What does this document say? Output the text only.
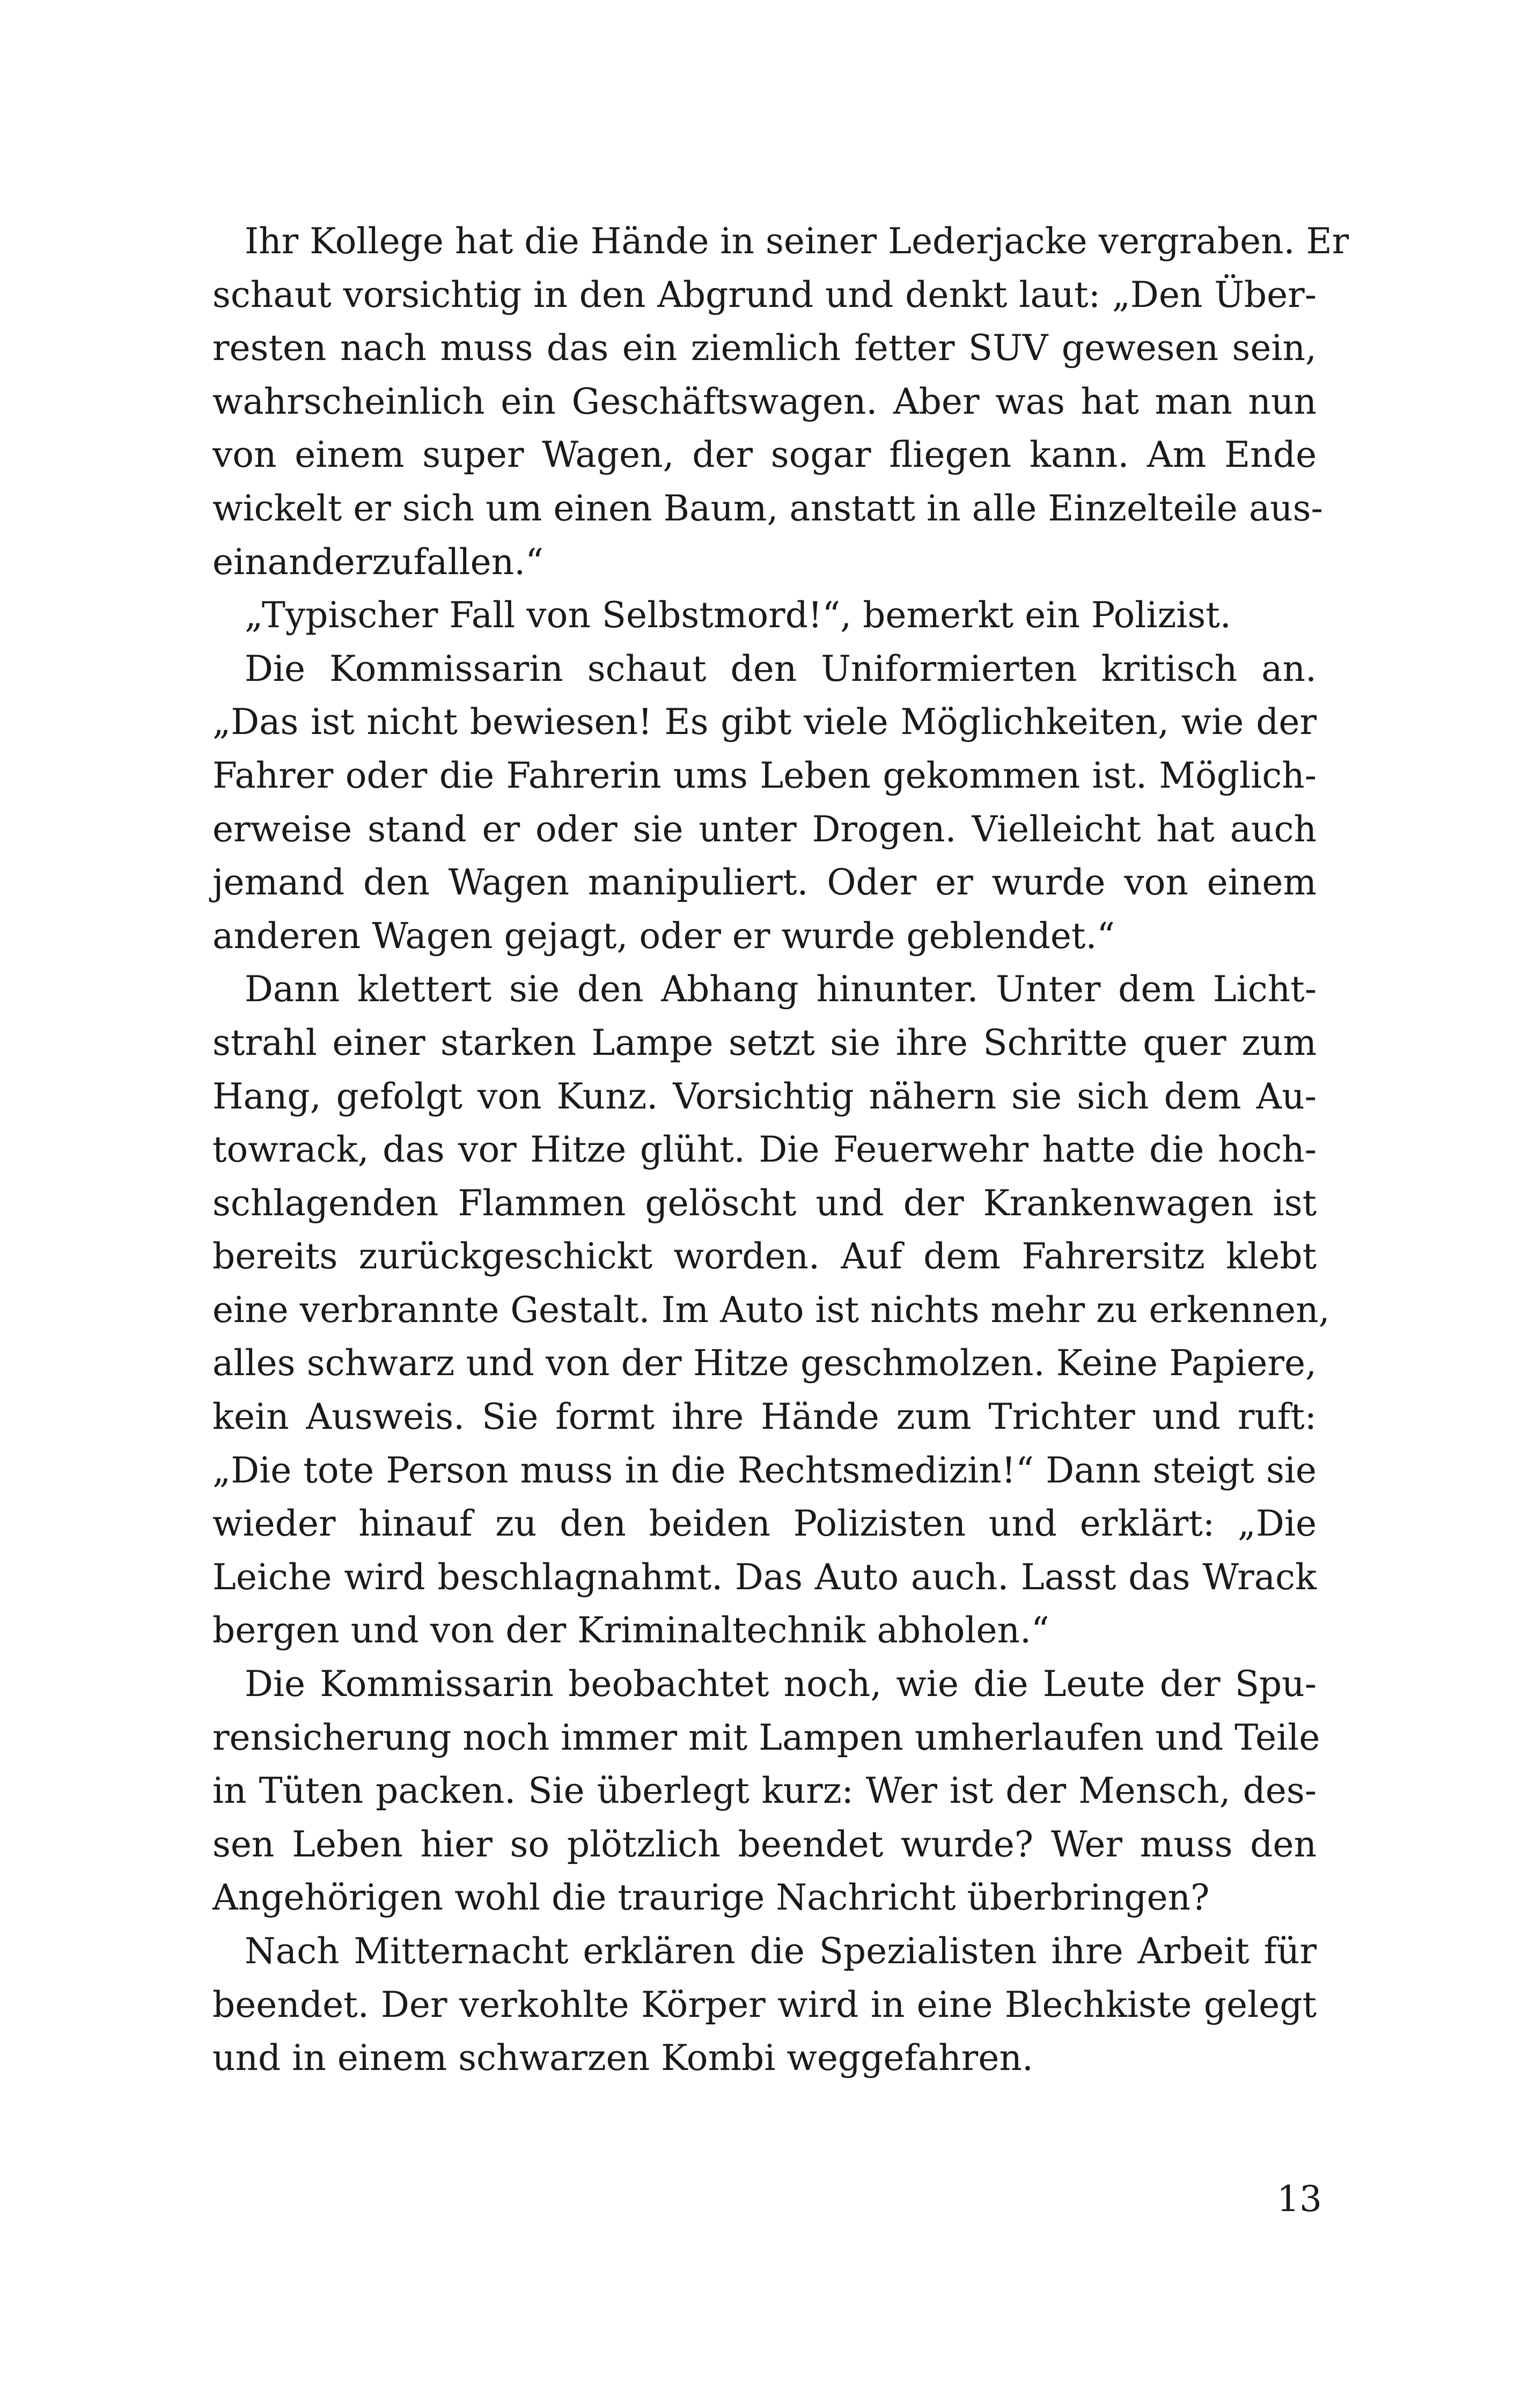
Ihr Kollege hat die Hände in seiner Lederjacke vergraben. Er
schaut vorsichtig in den Abgrund und denkt laut: „Den Über-
resten nach muss das ein ziemlich fetter SUV gewesen sein,
wahrscheinlich ein Geschäftswagen. Aber was hat man nun
von einem super Wagen, der sogar fliegen kann. Am Ende
wickelt er sich um einen Baum, anstatt in alle Einzelteile aus-
einanderzufallen.“
„Typischer Fall von Selbstmord!“, bemerkt ein Polizist.
Die Kommissarin schaut den Uniformierten kritisch an.
„Das ist nicht bewiesen! Es gibt viele Möglichkeiten, wie der
Fahrer oder die Fahrerin ums Leben gekommen ist. Möglich-
erweise stand er oder sie unter Drogen. Vielleicht hat auch
jemand den Wagen manipuliert. Oder er wurde von einem
anderen Wagen gejagt, oder er wurde geblendet.“
Dann klettert sie den Abhang hinunter. Unter dem Licht-
strahl einer starken Lampe setzt sie ihre Schritte quer zum
Hang, gefolgt von Kunz. Vorsichtig nähern sie sich dem Au-
towrack, das vor Hitze glüht. Die Feuerwehr hatte die hoch-
schlagenden Flammen gelöscht und der Krankenwagen ist
bereits zurückgeschickt worden. Auf dem Fahrersitz klebt
eine verbrannte Gestalt. Im Auto ist nichts mehr zu erkennen,
alles schwarz und von der Hitze geschmolzen. Keine Papiere,
kein Ausweis. Sie formt ihre Hände zum Trichter und ruft:
„Die tote Person muss in die Rechtsmedizin!“ Dann steigt sie
wieder hinauf zu den beiden Polizisten und erklärt: „Die
Leiche wird beschlagnahmt. Das Auto auch. Lasst das Wrack
bergen und von der Kriminaltechnik abholen.“
Die Kommissarin beobachtet noch, wie die Leute der Spu-
rensicherung noch immer mit Lampen umherlaufen und Teile
in Tüten packen. Sie überlegt kurz: Wer ist der Mensch, des-
sen Leben hier so plötzlich beendet wurde? Wer muss den
Angehörigen wohl die traurige Nachricht überbringen?
Nach Mitternacht erklären die Spezialisten ihre Arbeit für
beendet. Der verkohlte Körper wird in eine Blechkiste gelegt
und in einem schwarzen Kombi weggefahren.
13
